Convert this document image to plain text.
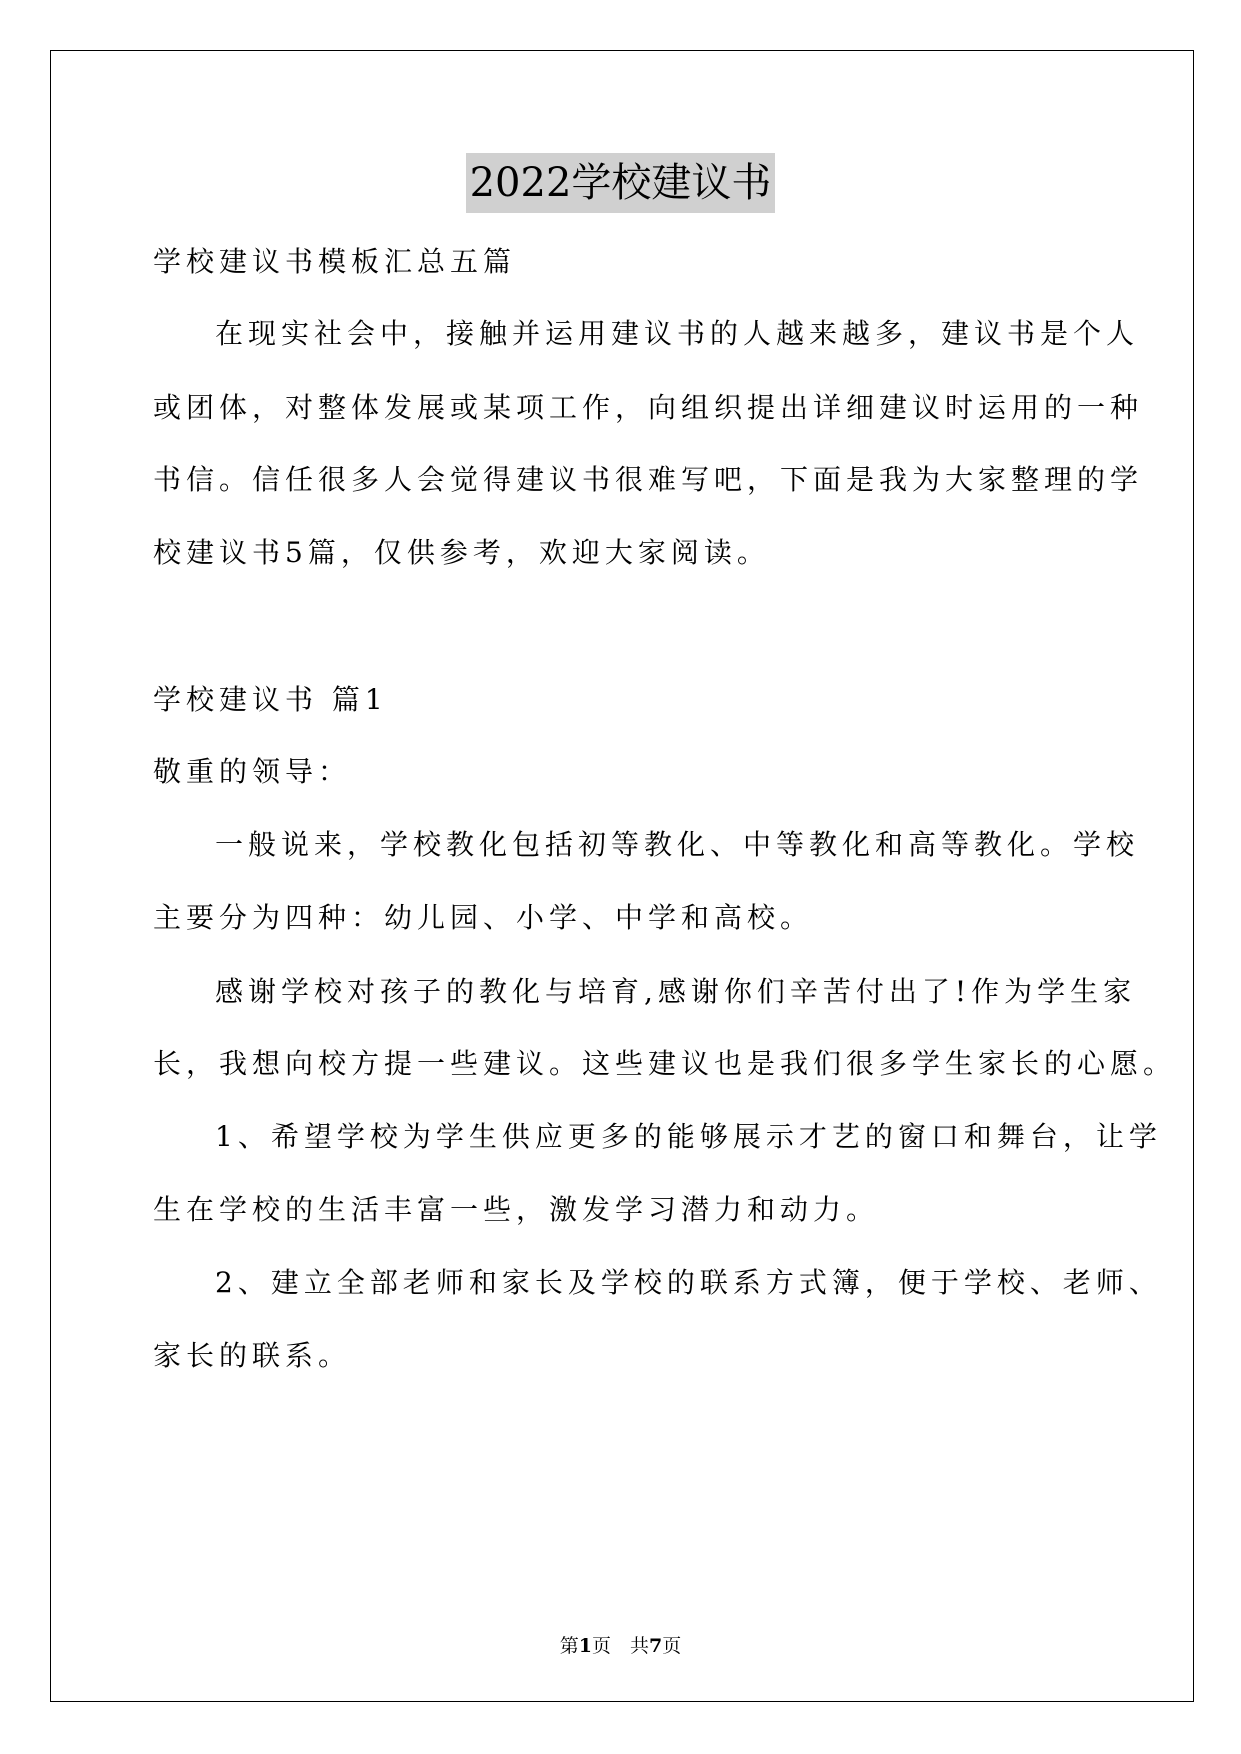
2022学校建议书
学校建议书模板汇总五篇
在现实社会中，接触并运用建议书的人越来越多，建议书是个人
或团体，对整体发展或某项工作，向组织提出详细建议时运用的一种
书信。信任很多人会觉得建议书很难写吧，下面是我为大家整理的学
校建议书5篇，仅供参考，欢迎大家阅读。
学校建议书 篇1
敬重的领导：
一般说来，学校教化包括初等教化、中等教化和高等教化。学校
主要分为四种：幼儿园、小学、中学和高校。
感谢学校对孩子的教化与培育,感谢你们辛苦付出了!作为学生家
长，我想向校方提一些建议。这些建议也是我们很多学生家长的心愿。
1、希望学校为学生供应更多的能够展示才艺的窗口和舞台，让学
生在学校的生活丰富一些，激发学习潜力和动力。
2、建立全部老师和家长及学校的联系方式簿，便于学校、老师、
家长的联系。
第1页　共7页
